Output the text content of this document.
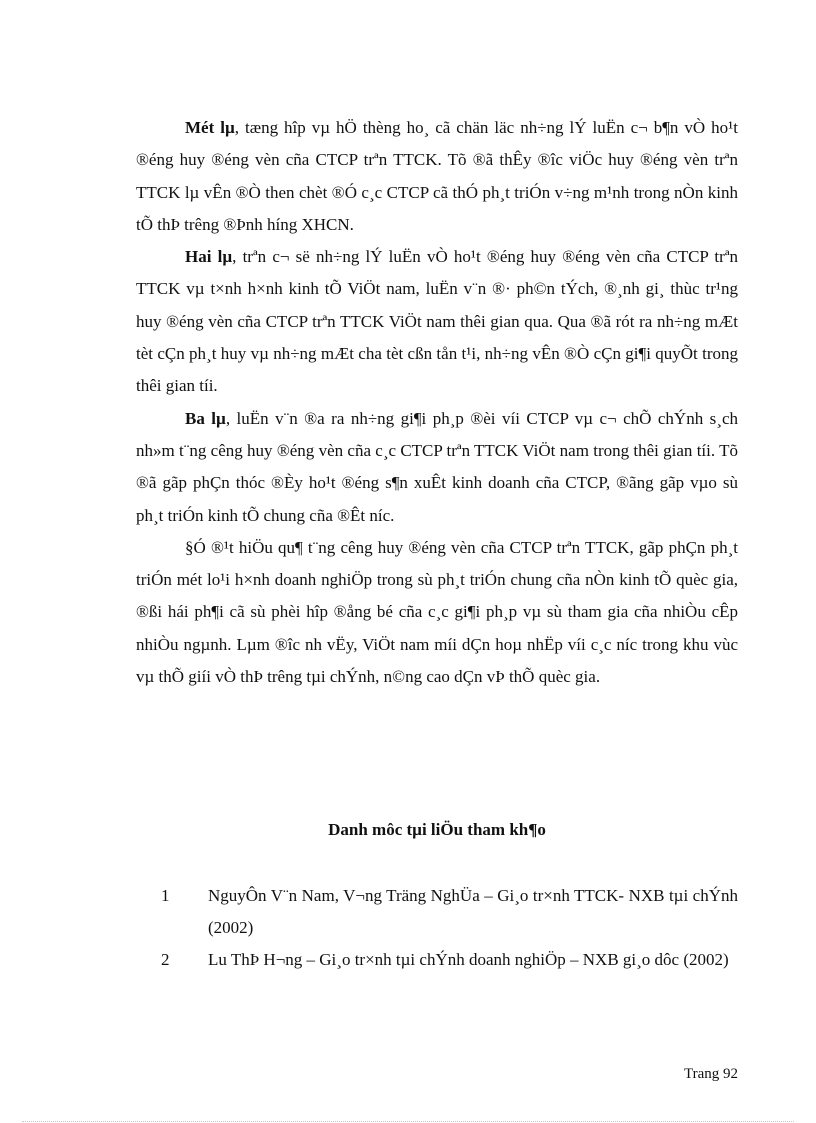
Mét lµ, tæng hîp vµ hÖ thèng ho¸ cã chän läc nh÷ng lÝ luËn c¬ b¶n vÒ ho¹t ®éng huy ®éng vèn cña CTCP trªn TTCK. Tõ ®ã thÊy ®îc viÖc huy ®éng vèn trªn TTCK lµ vÊn ®Ò then chèt ®Ó c¸c CTCP cã thÓ ph¸t triÓn v÷ng m¹nh trong nÒn kinh tÕ thÞ trêng ®Þnh híng XHCN.

Hai lµ, trªn c¬ së nh÷ng lÝ luËn vÒ ho¹t ®éng huy ®éng vèn cña CTCP trªn TTCK vµ t×nh h×nh kinh tÕ ViÖt nam, luËn v¨n ®· ph©n tÝch, ®¸nh gi¸ thùc tr¹ng huy ®éng vèn cña CTCP trªn TTCK ViÖt nam thêi gian qua. Qua ®ã rót ra nh÷ng mÆt tèt cÇn ph¸t huy vµ nh÷ng mÆt cha tèt cßn tån t¹i, nh÷ng vÊn ®Ò cÇn gi¶i quyÕt trong thêi gian tíi.

Ba lµ, luËn v¨n ®a ra nh÷ng gi¶i ph¸p ®èi víi CTCP vµ c¬ chÕ chÝnh s¸ch nh»m t¨ng cêng huy ®éng vèn cña c¸c CTCP trªn TTCK ViÖt nam trong thêi gian tíi. Tõ ®ã gãp phÇn thóc ®Èy ho¹t ®éng s¶n xuÊt kinh doanh cña CTCP, ®ãng gãp vµo sù ph¸t triÓn kinh tÕ chung cña ®Êt níc.

§Ó ®¹t hiÖu qu¶ t¨ng cêng huy ®éng vèn cña CTCP trªn TTCK, gãp phÇn ph¸t triÓn mét lo¹i h×nh doanh nghiÖp trong sù ph¸t triÓn chung cña nÒn kinh tÕ quèc gia, ®ßi hái ph¶i cã sù phèi hîp ®ång bé cña c¸c gi¶i ph¸p vµ sù tham gia cña nhiÒu cÊp nhiÒu ngµnh. Lµm ®îc nh vËy, ViÖt nam míi dÇn hoµ nhËp víi c¸c níc trong khu vùc vµ thÕ giíi vÒ thÞ trêng tµi chÝnh, n©ng cao dÇn vÞ thÕ quèc gia.

Danh môc tµi liÖu tham kh¶o
1 NguyÔn V¨n Nam, V¬ng Träng NghÜa – Gi¸o tr×nh TTCK- NXB tµi chÝnh (2002)
2 Lu ThÞ H¬ng – Gi¸o tr×nh tµi chÝnh doanh nghiÖp – NXB gi¸o dôc (2002)
Trang 92
